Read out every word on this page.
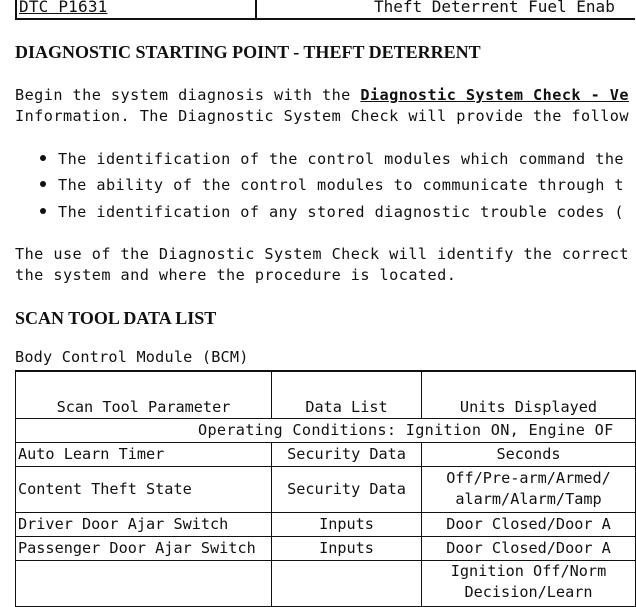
DTC P1631	Theft Deterrent Fuel Enab
DIAGNOSTIC STARTING POINT - THEFT DETERRENT
Begin the system diagnosis with the Diagnostic System Check - Ve
Information. The Diagnostic System Check will provide the follow
The identification of the control modules which command the
The ability of the control modules to communicate through t
The identification of any stored diagnostic trouble codes (
The use of the Diagnostic System Check will identify the correct
the system and where the procedure is located.
SCAN TOOL DATA LIST
Body Control Module (BCM)
Scan Tool Parameter	Data List	Units Displayed
Operating Conditions: Ignition ON, Engine OF		
Auto Learn Timer	Security Data	Seconds
Content Theft State	Security Data	Off/Pre-arm/Armed/
alarm/Alarm/Tamp

Driver Door Ajar Switch	Inputs	Door Closed/Door A
Passenger Door Ajar Switch	Inputs	Door Closed/Door A

		Ignition Off/Norm
Decision/Learn
